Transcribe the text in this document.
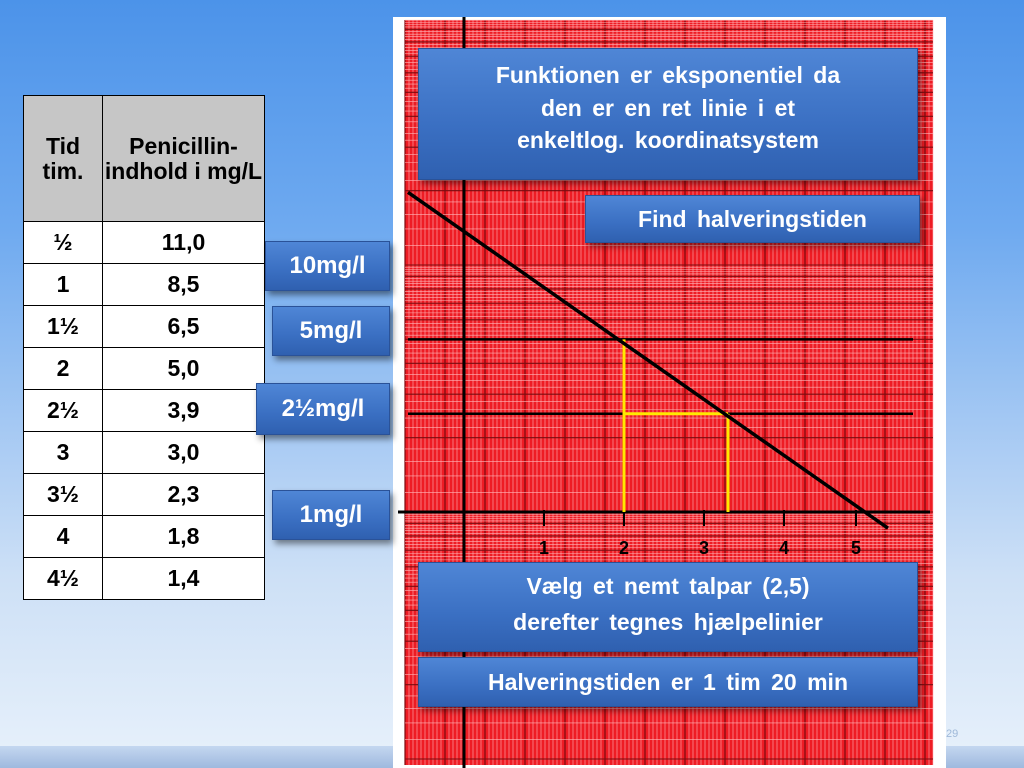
Tid tim.	Penicillin-indhold i mg/L
½	11,0
1	8,5
1½	6,5
2	5,0
2½	3,9
3	3,0
3½	2,3
4	1,8
4½	1,4
1	2	3	4	5
Funktionen er eksponentiel da
den er en ret linie i et
enkeltlog. koordinatsystem
Find halveringstiden
10mg/l
5mg/l
2½mg/l
1mg/l
Vælg et nemt talpar (2,5)
derefter tegnes hjælpelinier
Halveringstiden er 1 tim 20 min
29
